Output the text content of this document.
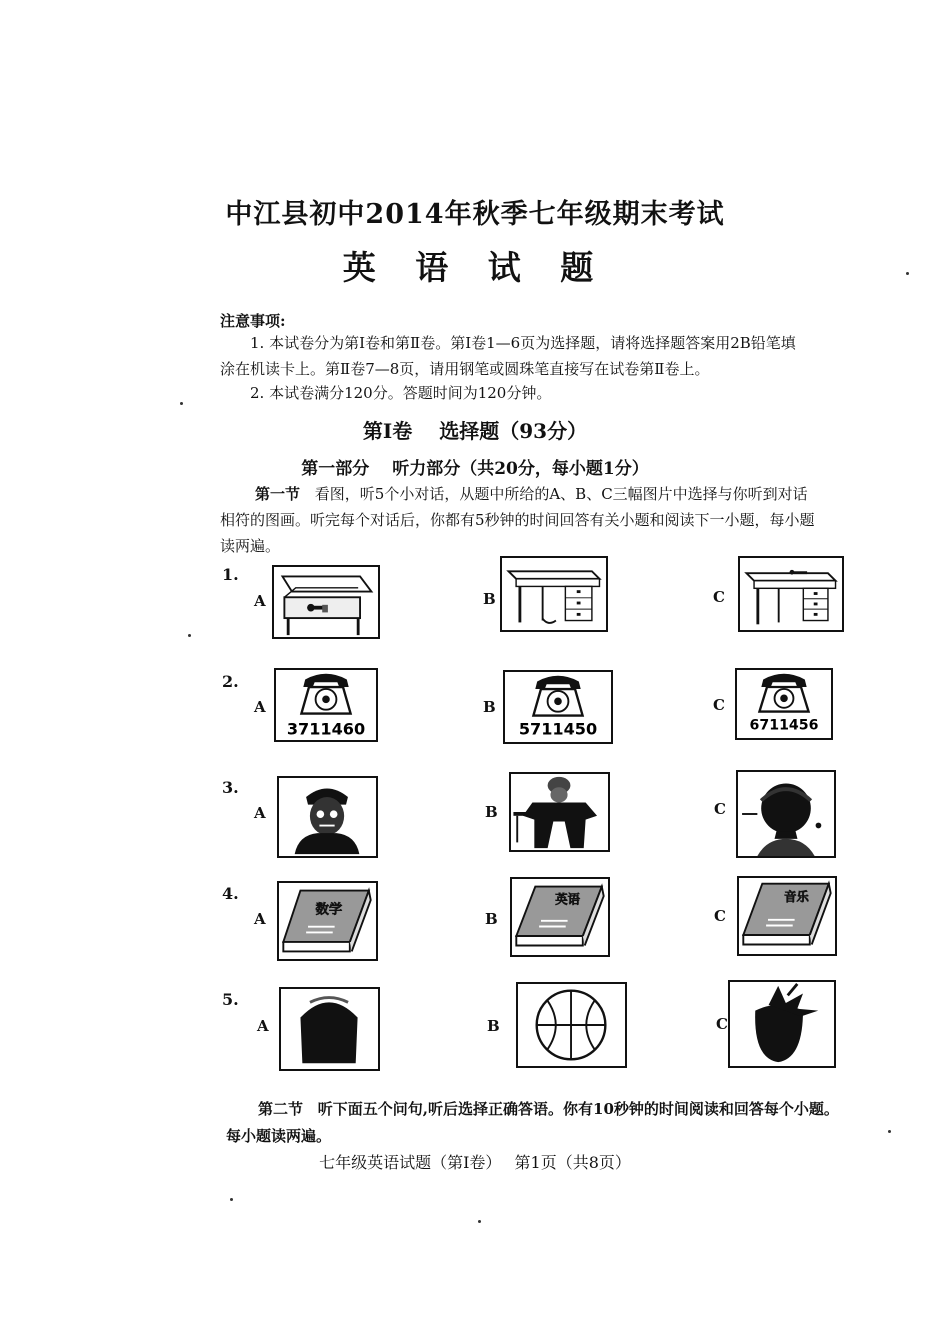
中江县初中2014年秋季七年级期末考试
英 语 试 题
注意事项:
1. 本试卷分为第Ⅰ卷和第Ⅱ卷。第Ⅰ卷1—6页为选择题，请将选择题答案用2B铅笔填
涂在机读卡上。第Ⅱ卷7—8页，请用钢笔或圆珠笔直接写在试卷第Ⅱ卷上。
2. 本试卷满分120分。答题时间为120分钟。
第Ⅰ卷　 选择题（93分）
第一部分　 听力部分（共20分，每小题1分）
第一节 看图，听5个小对话，从题中所给的A、B、C三幅图片中选择与你听到对话
相符的图画。听完每个对话后，你都有5秒钟的时间回答有关小题和阅读下一小题，每小题
读两遍。
1.
A	B	C
2.
A
3711460
B
5711450
C
6711456
3.
A	B	C
4.
A
数学
B
英语
C
音乐
5.
A	B	C
第二节 听下面五个问句,听后选择正确答语。你有10秒钟的时间阅读和回答每个小题。
每小题读两遍。
七年级英语试题（第Ⅰ卷）　 第1页（共8页）
